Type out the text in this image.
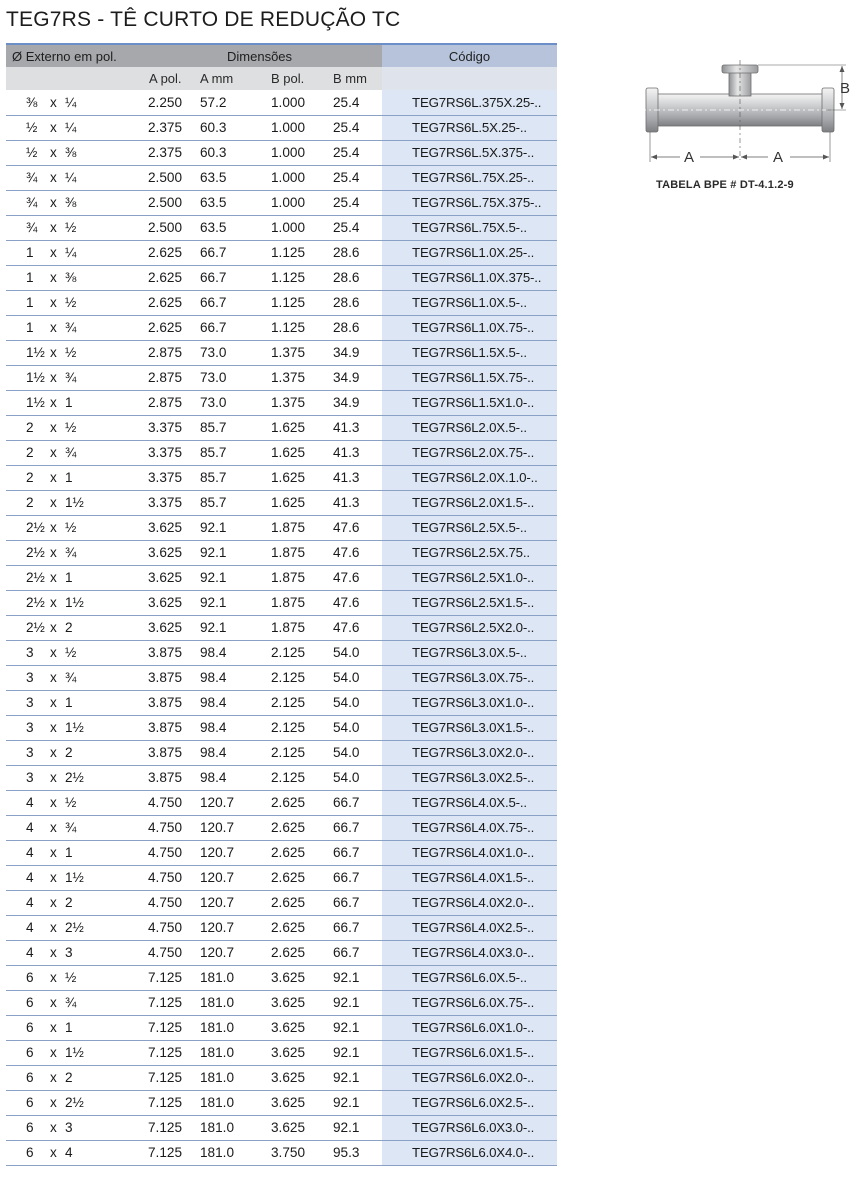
TEG7RS - TÊ CURTO DE REDUÇÃO TC
Ø Externo em pol.	Dimensões				Código
	A pol.	A mm	B pol.	B mm	
⅜ x ¼	2.250	57.2	1.000	25.4	TEG7RS6L.375X.25-..
½ x ¼	2.375	60.3	1.000	25.4	TEG7RS6L.5X.25-..
½ x ⅜	2.375	60.3	1.000	25.4	TEG7RS6L.5X.375-..
¾ x ¼	2.500	63.5	1.000	25.4	TEG7RS6L.75X.25-..
¾ x ⅜	2.500	63.5	1.000	25.4	TEG7RS6L.75X.375-..
¾ x ½	2.500	63.5	1.000	25.4	TEG7RS6L.75X.5-..
1 x ¼	2.625	66.7	1.125	28.6	TEG7RS6L1.0X.25-..
1 x ⅜	2.625	66.7	1.125	28.6	TEG7RS6L1.0X.375-..
1 x ½	2.625	66.7	1.125	28.6	TEG7RS6L1.0X.5-..
1 x ¾	2.625	66.7	1.125	28.6	TEG7RS6L1.0X.75-..
1½ x ½	2.875	73.0	1.375	34.9	TEG7RS6L1.5X.5-..
1½ x ¾	2.875	73.0	1.375	34.9	TEG7RS6L1.5X.75-..
1½ x 1	2.875	73.0	1.375	34.9	TEG7RS6L1.5X1.0-..
2 x ½	3.375	85.7	1.625	41.3	TEG7RS6L2.0X.5-..
2 x ¾	3.375	85.7	1.625	41.3	TEG7RS6L2.0X.75-..
2 x 1	3.375	85.7	1.625	41.3	TEG7RS6L2.0X.1.0-..
2 x 1½	3.375	85.7	1.625	41.3	TEG7RS6L2.0X1.5-..
2½ x ½	3.625	92.1	1.875	47.6	TEG7RS6L2.5X.5-..
2½ x ¾	3.625	92.1	1.875	47.6	TEG7RS6L2.5X.75..
2½ x 1	3.625	92.1	1.875	47.6	TEG7RS6L2.5X1.0-..
2½ x 1½	3.625	92.1	1.875	47.6	TEG7RS6L2.5X1.5-..
2½ x 2	3.625	92.1	1.875	47.6	TEG7RS6L2.5X2.0-..
3 x ½	3.875	98.4	2.125	54.0	TEG7RS6L3.0X.5-..
3 x ¾	3.875	98.4	2.125	54.0	TEG7RS6L3.0X.75-..
3 x 1	3.875	98.4	2.125	54.0	TEG7RS6L3.0X1.0-..
3 x 1½	3.875	98.4	2.125	54.0	TEG7RS6L3.0X1.5-..
3 x 2	3.875	98.4	2.125	54.0	TEG7RS6L3.0X2.0-..
3 x 2½	3.875	98.4	2.125	54.0	TEG7RS6L3.0X2.5-..
4 x ½	4.750	120.7	2.625	66.7	TEG7RS6L4.0X.5-..
4 x ¾	4.750	120.7	2.625	66.7	TEG7RS6L4.0X.75-..
4 x 1	4.750	120.7	2.625	66.7	TEG7RS6L4.0X1.0-..
4 x 1½	4.750	120.7	2.625	66.7	TEG7RS6L4.0X1.5-..
4 x 2	4.750	120.7	2.625	66.7	TEG7RS6L4.0X2.0-..
4 x 2½	4.750	120.7	2.625	66.7	TEG7RS6L4.0X2.5-..
4 x 3	4.750	120.7	2.625	66.7	TEG7RS6L4.0X3.0-..
6 x ½	7.125	181.0	3.625	92.1	TEG7RS6L6.0X.5-..
6 x ¾	7.125	181.0	3.625	92.1	TEG7RS6L6.0X.75-..
6 x 1	7.125	181.0	3.625	92.1	TEG7RS6L6.0X1.0-..
6 x 1½	7.125	181.0	3.625	92.1	TEG7RS6L6.0X1.5-..
6 x 2	7.125	181.0	3.625	92.1	TEG7RS6L6.0X2.0-..
6 x 2½	7.125	181.0	3.625	92.1	TEG7RS6L6.0X2.5-..
6 x 3	7.125	181.0	3.625	92.1	TEG7RS6L6.0X3.0-..
6 x 4	7.125	181.0	3.750	95.3	TEG7RS6L6.0X4.0-..
B
A	A
TABELA BPE # DT-4.1.2-9
